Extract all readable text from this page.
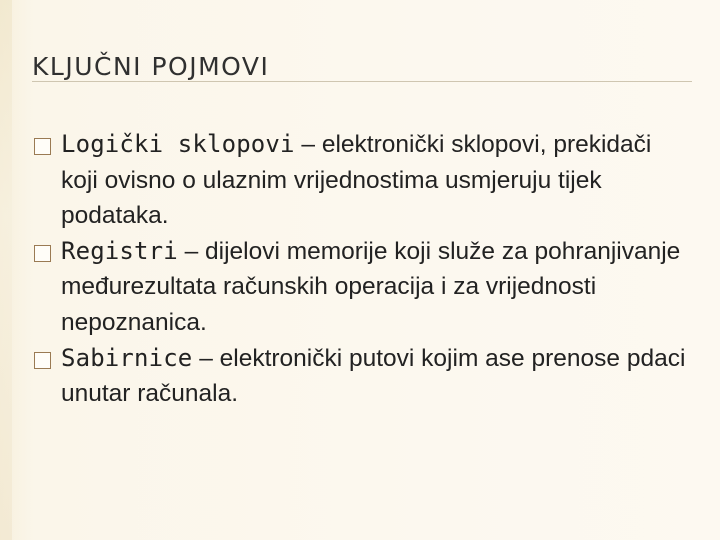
KLJUČNI POJMOVI

Logički sklopovi – elektronički sklopovi, prekidači koji ovisno o ulaznim vrijednostima usmjeruju tijek podataka.

Registri – dijelovi memorije koji služe za pohranjivanje međurezultata računskih operacija i za vrijednosti nepoznanica.

Sabirnice – elektronički putovi kojim ase prenose pdaci unutar računala.
